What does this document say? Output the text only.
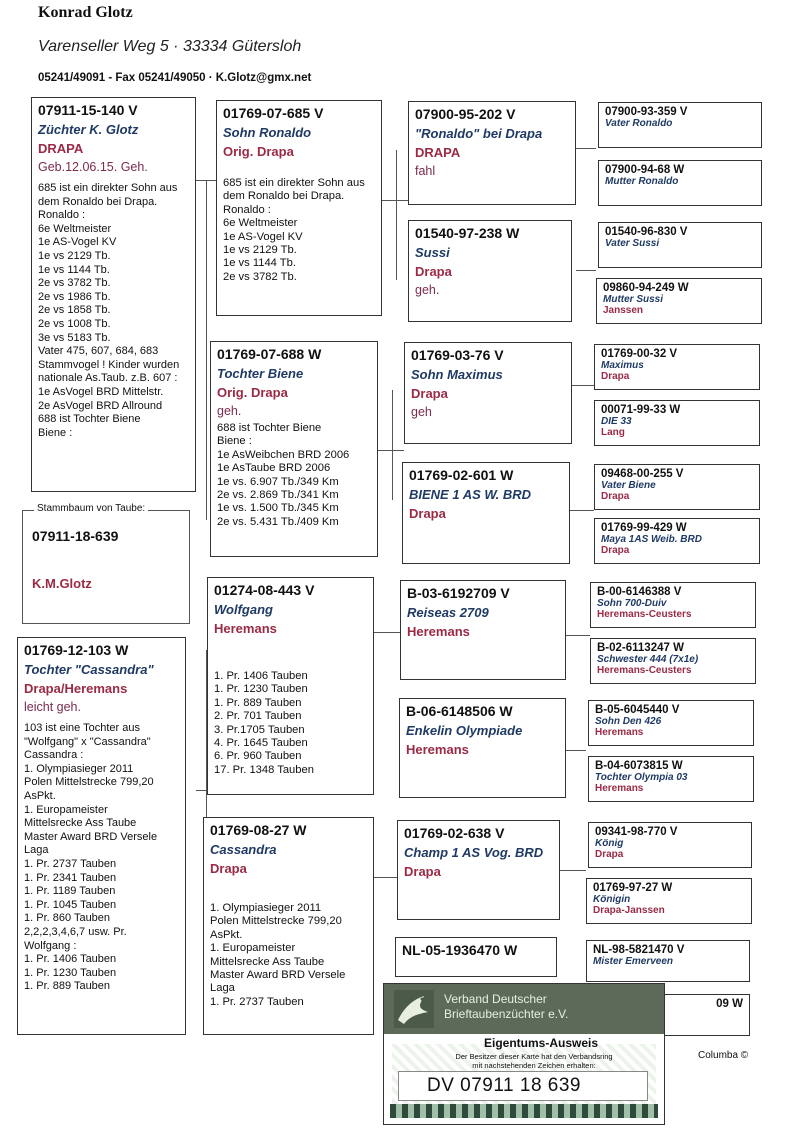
Konrad Glotz
Varenseller Weg 5 · 33334 Gütersloh
05241/49091 - Fax 05241/49050 · K.Glotz@gmx.net
07911-15-140 V
Züchter K. Glotz
DRAPA
Geb.12.06.15. Geh.
685 ist ein direkter Sohn aus dem Ronaldo bei Drapa.
Ronaldo :
6e Weltmeister
1e AS-Vogel KV
1e vs 2129 Tb.
1e vs 1144 Tb.
2e vs 3782 Tb.
2e vs 1986 Tb.
2e vs 1858 Tb.
2e vs 1008 Tb.
3e vs 5183 Tb.
Vater 475, 607, 684, 683 Stammvogel ! Kinder wurden nationale As.Taub. z.B. 607 :
1e AsVogel BRD Mittelstr.
2e AsVogel BRD Allround
688 ist Tochter Biene
Biene :
Stammbaum von Taube:
07911-18-639
K.M.Glotz
01769-12-103 W
Tochter "Cassandra"
Drapa/Heremans
leicht geh.
103 ist eine Tochter aus "Wolfgang" x "Cassandra"
Cassandra :
1. Olympiasieger 2011
Polen Mittelstrecke 799,20 AsPkt.
1. Europameister
Mittelsrecke Ass Taube
Master Award BRD Versele Laga
1. Pr. 2737 Tauben
1. Pr. 2341 Tauben
1. Pr. 1189 Tauben
1. Pr. 1045 Tauben
1. Pr. 860 Tauben
2,2,2,3,4,6,7 usw. Pr.
Wolfgang :
1. Pr. 1406 Tauben
1. Pr. 1230 Tauben
1. Pr. 889 Tauben
01769-07-685 V
Sohn Ronaldo
Orig. Drapa
685 ist ein direkter Sohn aus dem Ronaldo bei Drapa.
Ronaldo :
6e Weltmeister
1e AS-Vogel KV
1e vs 2129 Tb.
1e vs 1144 Tb.
2e vs 3782 Tb.
01769-07-688 W
Tochter Biene
Orig. Drapa
geh.
688 ist Tochter Biene
Biene :
1e AsWeibchen BRD 2006
1e AsTaube BRD 2006
1e vs. 6.907 Tb./349 Km
2e vs. 2.869 Tb./341 Km
1e vs. 1.500 Tb./345 Km
2e vs. 5.431 Tb./409 Km
01274-08-443 V
Wolfgang
Heremans
1. Pr. 1406 Tauben
1. Pr. 1230 Tauben
1. Pr. 889 Tauben
2. Pr. 701 Tauben
3. Pr.1705 Tauben
4. Pr. 1645 Tauben
6. Pr. 960 Tauben
17. Pr. 1348 Tauben
01769-08-27 W
Cassandra
Drapa
1. Olympiasieger 2011
Polen Mittelstrecke 799,20 AsPkt.
1. Europameister
Mittelsrecke Ass Taube
Master Award BRD Versele Laga
1. Pr. 2737 Tauben
07900-95-202 V
"Ronaldo" bei Drapa
DRAPA
fahl
01540-97-238 W
Sussi
Drapa
geh.
01769-03-76 V
Sohn Maximus
Drapa
geh
01769-02-601 W
BIENE 1 AS W. BRD
Drapa
B-03-6192709 V
Reiseas 2709
Heremans
B-06-6148506 W
Enkelin Olympiade
Heremans
01769-02-638 V
Champ 1 AS Vog. BRD
Drapa
NL-05-1936470 W
07900-93-359 V
Vater Ronaldo
07900-94-68 W
Mutter Ronaldo
01540-96-830 V
Vater Sussi
09860-94-249 W
Mutter Sussi
Janssen
01769-00-32 V
Maximus
Drapa
00071-99-33 W
DIE 33
Lang
09468-00-255 V
Vater Biene
Drapa
01769-99-429 W
Maya 1AS Weib. BRD
Drapa
B-00-6146388 V
Sohn 700-Duiv
Heremans-Ceusters
B-02-6113247 W
Schwester 444 (7x1e)
Heremans-Ceusters
B-05-6045440 V
Sohn Den 426
Heremans
B-04-6073815 W
Tochter Olympia 03
Heremans
09341-98-770 V
König
Drapa
01769-97-27 W
Königin
Drapa-Janssen
NL-98-5821470 V
Mister Emerveen
09 W
Verband Deutscher
Brieftaubenzüchter e.V.
Eigentums-Ausweis
Der Besitzer dieser Karte hat den Verbandsring
mit nachstehenden Zeichen erhalten:
DV 07911 18 639
Columba ©
